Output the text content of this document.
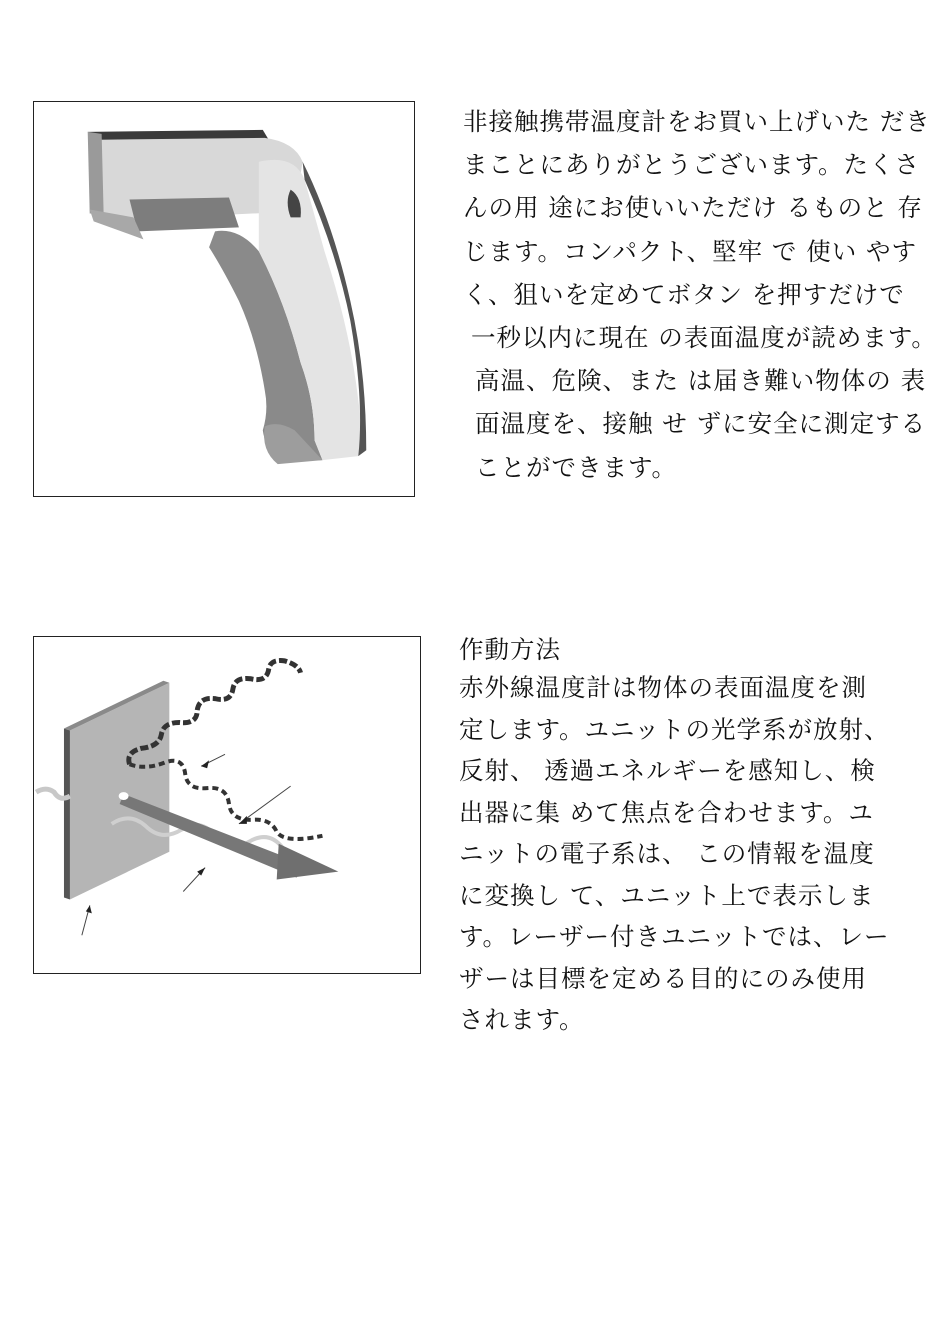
非接触携帯温度計をお買い上げいた だき
まことにありがとうございます。たくさ
んの用 途にお使いいただけ るものと 存
じます。コンパクト、堅牢 で 使い やす
く、狙いを定めてボタン を押すだけで
一秒以内に現在 の表面温度が読めます。
高温、危険、また は届き難い物体の 表
面温度を、接触 せ ずに安全に測定する
ことができます。
作動方法
赤外線温度計は物体の表面温度を測
定します。ユニットの光学系が放射、
反射、 透過エネルギーを感知し、検
出器に集 めて焦点を合わせます。ユ
ニットの電子系は、 この情報を温度
に変換し て、ユニット上で表示しま
す。レーザー付きユニットでは、レー
ザーは目標を定める目的にのみ使用
されます。
